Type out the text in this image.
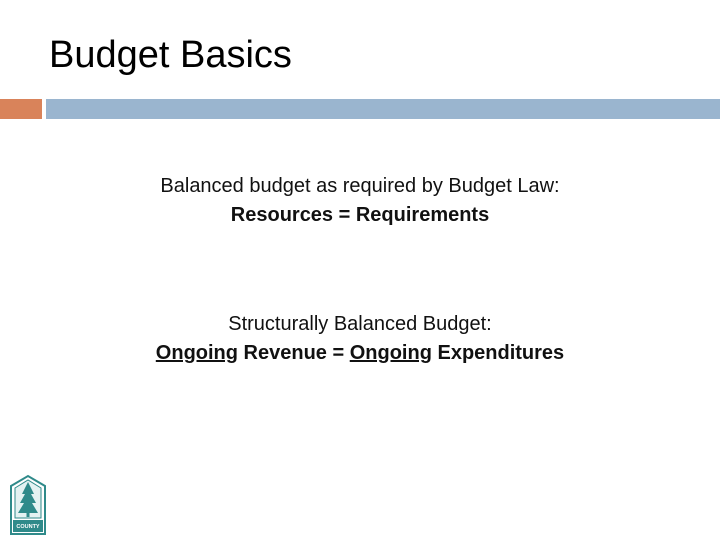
Budget Basics
Balanced budget as required by Budget Law:
Resources = Requirements
Structurally Balanced Budget:
Ongoing Revenue = Ongoing Expenditures
COUNTY
